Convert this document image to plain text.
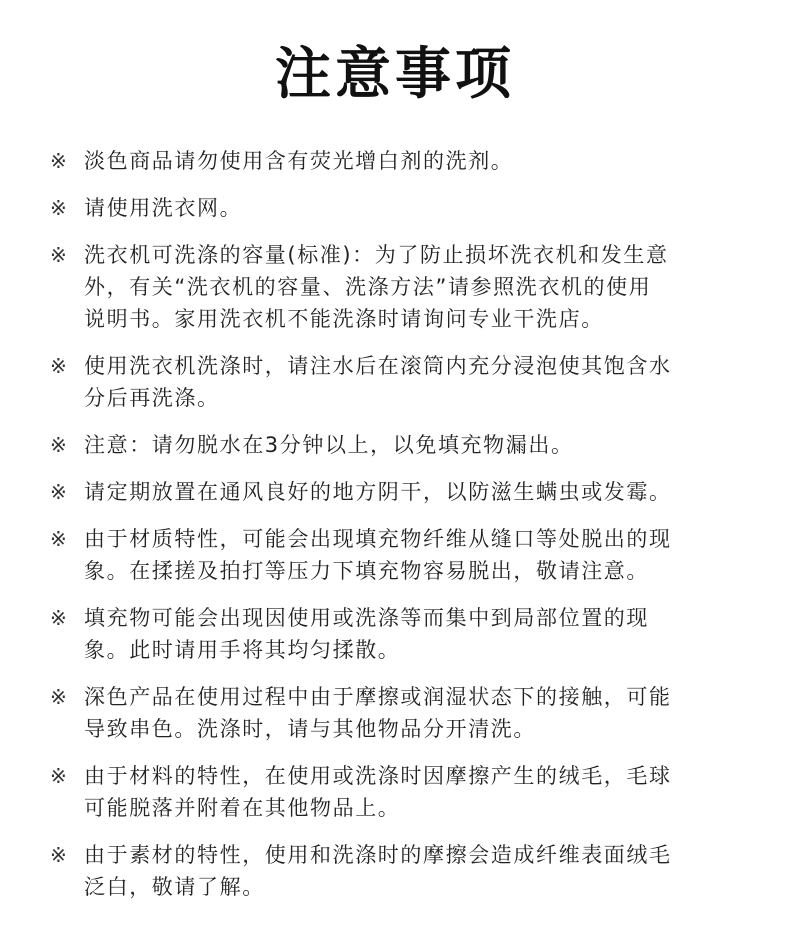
注意事项
※ 淡色商品请勿使用含有荧光增白剂的洗剂。
※ 请使用洗衣网。
※ 洗衣机可洗涤的容量(标准)：为了防止损坏洗衣机和发生意
外，有关“洗衣机的容量、洗涤方法”请参照洗衣机的使用
说明书。家用洗衣机不能洗涤时请询问专业干洗店。
※ 使用洗衣机洗涤时，请注水后在滚筒内充分浸泡使其饱含水
分后再洗涤。
※ 注意：请勿脱水在3分钟以上，以免填充物漏出。
※ 请定期放置在通风良好的地方阴干，以防滋生螨虫或发霉。
※ 由于材质特性，可能会出现填充物纤维从缝口等处脱出的现
象。在揉搓及拍打等压力下填充物容易脱出，敬请注意。
※ 填充物可能会出现因使用或洗涤等而集中到局部位置的现
象。此时请用手将其均匀揉散。
※ 深色产品在使用过程中由于摩擦或润湿状态下的接触，可能
导致串色。洗涤时，请与其他物品分开清洗。
※ 由于材料的特性，在使用或洗涤时因摩擦产生的绒毛，毛球
可能脱落并附着在其他物品上。
※ 由于素材的特性，使用和洗涤时的摩擦会造成纤维表面绒毛
泛白，敬请了解。
